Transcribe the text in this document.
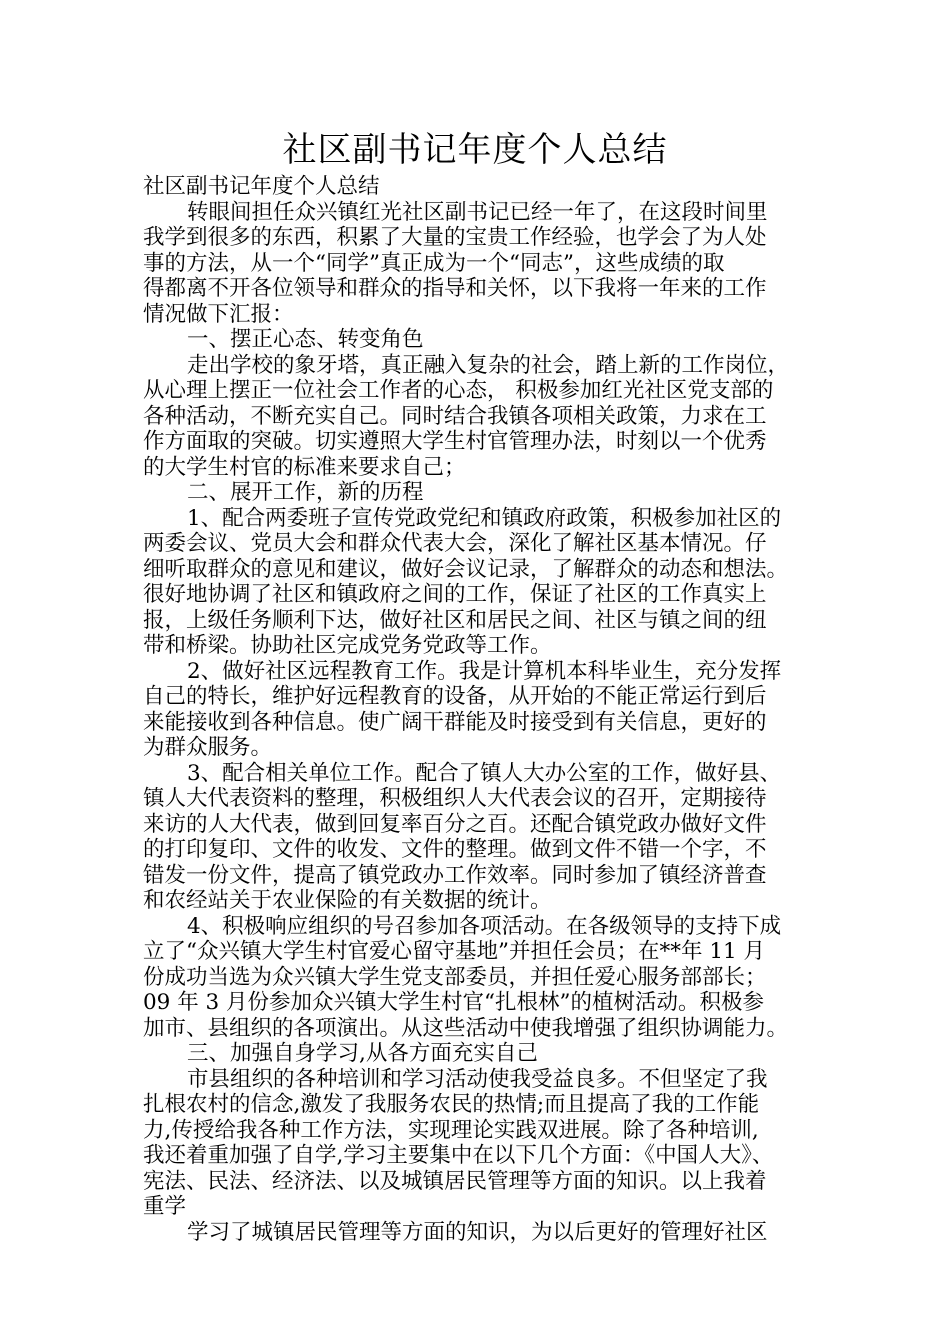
社区副书记年度个人总结
社区副书记年度个人总结
转眼间担任众兴镇红光社区副书记已经一年了，在这段时间里
我学到很多的东西，积累了大量的宝贵工作经验，也学会了为人处
事的方法，从一个“同学”真正成为一个“同志”，这些成绩的取
得都离不开各位领导和群众的指导和关怀，以下我将一年来的工作
情况做下汇报：
一、摆正心态、转变角色
走出学校的象牙塔，真正融入复杂的社会，踏上新的工作岗位，
从心理上摆正一位社会工作者的心态， 积极参加红光社区党支部的
各种活动，不断充实自己。同时结合我镇各项相关政策，力求在工
作方面取的突破。切实遵照大学生村官管理办法，时刻以一个优秀
的大学生村官的标准来要求自己；
二、展开工作，新的历程
1、配合两委班子宣传党政党纪和镇政府政策，积极参加社区的
两委会议、党员大会和群众代表大会，深化了解社区基本情况。仔
细听取群众的意见和建议，做好会议记录，了解群众的动态和想法。
很好地协调了社区和镇政府之间的工作，保证了社区的工作真实上
报，上级任务顺利下达，做好社区和居民之间、社区与镇之间的纽
带和桥梁。协助社区完成党务党政等工作。
2、做好社区远程教育工作。我是计算机本科毕业生，充分发挥
自己的特长，维护好远程教育的设备，从开始的不能正常运行到后
来能接收到各种信息。使广阔干群能及时接受到有关信息，更好的
为群众服务。
3、配合相关单位工作。配合了镇人大办公室的工作，做好县、
镇人大代表资料的整理，积极组织人大代表会议的召开，定期接待
来访的人大代表，做到回复率百分之百。还配合镇党政办做好文件
的打印复印、文件的收发、文件的整理。做到文件不错一个字，不
错发一份文件，提高了镇党政办工作效率。同时参加了镇经济普查
和农经站关于农业保险的有关数据的统计。
4、积极响应组织的号召参加各项活动。在各级领导的支持下成
立了“众兴镇大学生村官爱心留守基地”并担任会员；在**年 11 月
份成功当选为众兴镇大学生党支部委员，并担任爱心服务部部长；
09 年 3 月份参加众兴镇大学生村官“扎根林”的植树活动。积极参
加市、县组织的各项演出。从这些活动中使我增强了组织协调能力。
三、加强自身学习,从各方面充实自己
市县组织的各种培训和学习活动使我受益良多。不但坚定了我
扎根农村的信念,激发了我服务农民的热情;而且提高了我的工作能
力,传授给我各种工作方法，实现理论实践双进展。除了各种培训,
我还着重加强了自学,学习主要集中在以下几个方面：《中国人大》、
宪法、民法、经济法、以及城镇居民管理等方面的知识。以上我着
重学
学习了城镇居民管理等方面的知识，为以后更好的管理好社区
